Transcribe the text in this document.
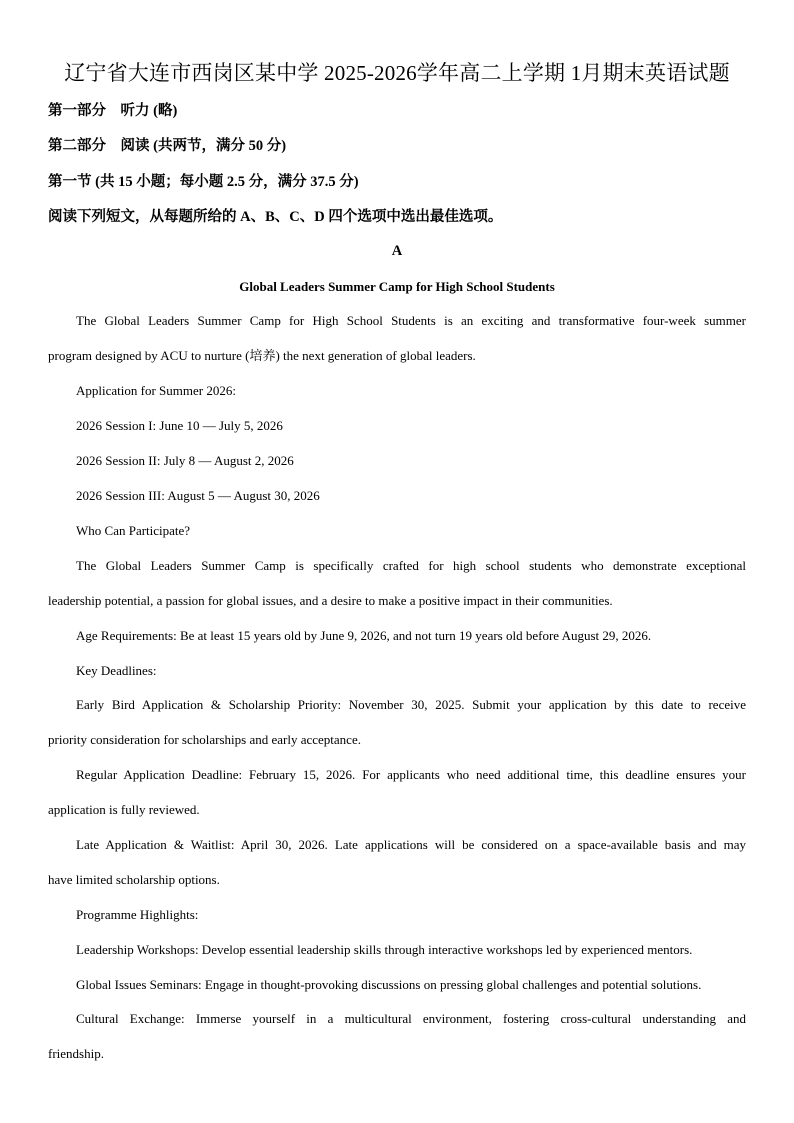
辽宁省大连市西岗区某中学 2025-2026学年高二上学期 1月期末英语试题
第一部分　听力 (略)
第二部分　阅读 (共两节，满分 50 分)
第一节 (共 15 小题；每小题 2.5 分，满分 37.5 分)
阅读下列短文，从每题所给的 A、B、C、D 四个选项中选出最佳选项。
A
Global Leaders Summer Camp for High School Students
The Global Leaders Summer Camp for High School Students is an exciting and transformative four-week summer
program designed by ACU to nurture (培养) the next generation of global leaders.
Application for Summer 2026:
2026 Session I: June 10 — July 5, 2026
2026 Session II: July 8 — August 2, 2026
2026 Session III: August 5 — August 30, 2026
Who Can Participate?
The Global Leaders Summer Camp is specifically crafted for high school students who demonstrate exceptional
leadership potential, a passion for global issues, and a desire to make a positive impact in their communities.
Age Requirements: Be at least 15 years old by June 9, 2026, and not turn 19 years old before August 29, 2026.
Key Deadlines:
Early Bird Application & Scholarship Priority: November 30, 2025. Submit your application by this date to receive
priority consideration for scholarships and early acceptance.
Regular Application Deadline: February 15, 2026. For applicants who need additional time, this deadline ensures your
application is fully reviewed.
Late Application & Waitlist: April 30, 2026. Late applications will be considered on a space-available basis and may
have limited scholarship options.
Programme Highlights:
Leadership Workshops: Develop essential leadership skills through interactive workshops led by experienced mentors.
Global Issues Seminars: Engage in thought-provoking discussions on pressing global challenges and potential solutions.
Cultural Exchange: Immerse yourself in a multicultural environment, fostering cross-cultural understanding and
friendship.
